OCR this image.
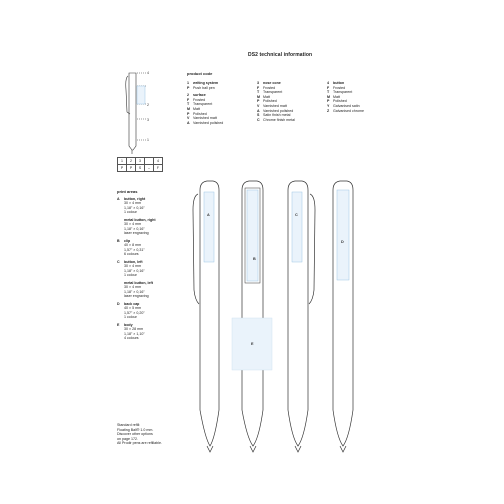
DS2 technical information
4
2
3
1
1	2	3		4
P	P	S	–	F
product code
1 writing system
P Push ball pen
2 surface
F Frosted
T Transparent
M Matt
P Polished
V Varnished matt
A Varnished polished
3 nose cone
F Frosted
T Transparent
M Matt
P Polished
V Varnished matt
A Varnished polished
S Satin finish metal
C Chrome finish metal
4 button
F Frosted
T Transparent
M Matt
P Polished
Y Galvanised satin
Z Galvanised chrome
print areas
A button, right
30 × 4 mm
1,18" × 0,16"
1 colour
metal button, right
30 × 4 mm
1,18" × 0,16"
laser engraving
B clip
40 × 8 mm
1,57" × 0,31"
6 colours
C button, left
30 × 4 mm
1,18" × 0,16"
1 colour
metal button, left
30 × 4 mm
1,18" × 0,16"
laser engraving
D back cap
40 × 5 mm
1,57" × 0,20"
1 colour
E body
30 × 28 mm
1,18" × 1,10"
4 colours
Standard refill:
Floating Ball® 1.0 mm.
Discover other options
on page 172.
All Prodir pens are refillable.
A
B
E
C
D
